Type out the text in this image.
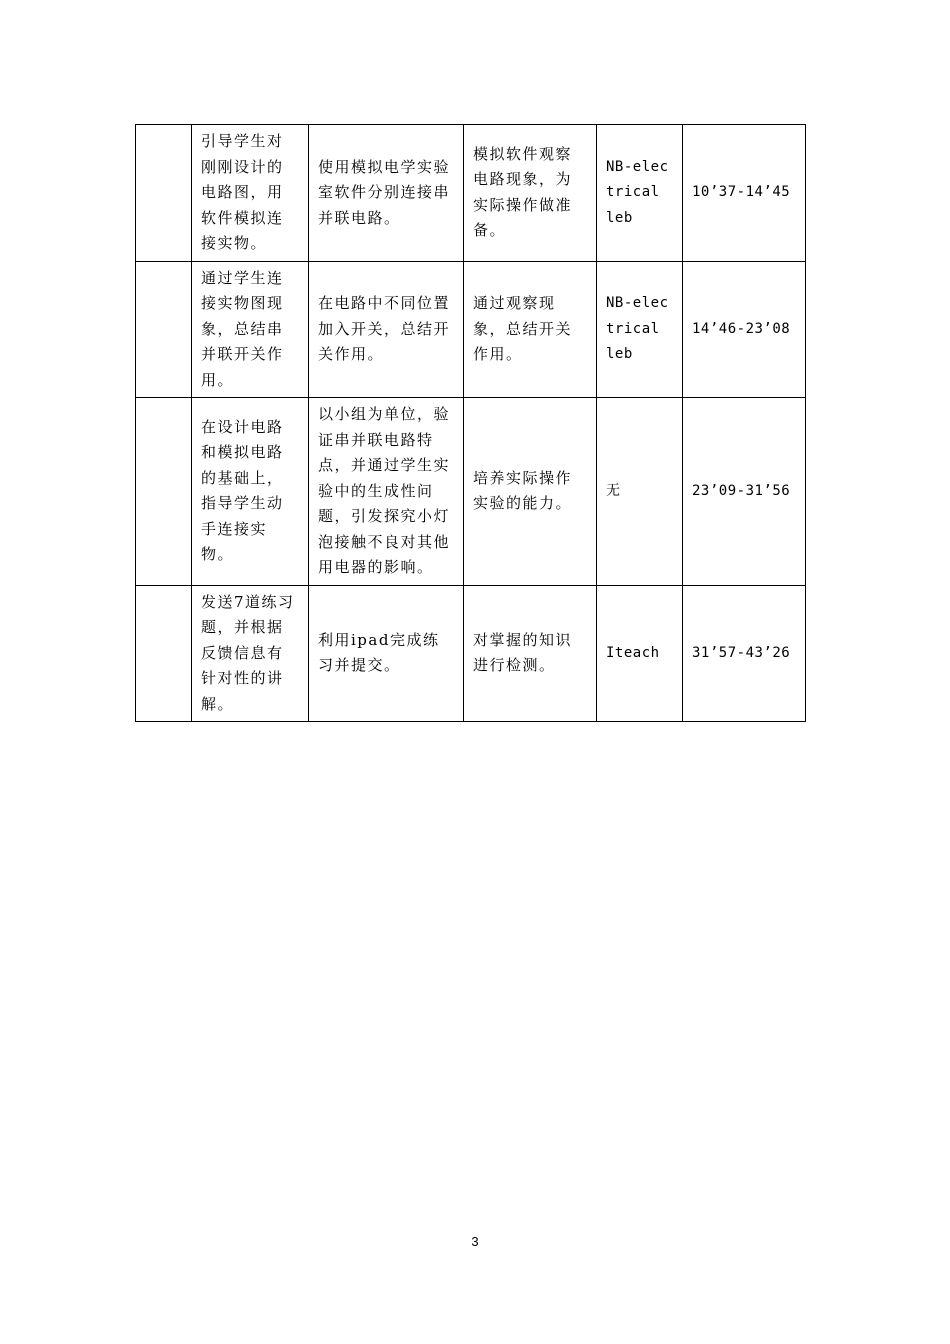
	引导学生对刚刚设计的电路图，用软件模拟连接实物。	使用模拟电学实验室软件分别连接串并联电路。	模拟软件观察电路现象，为实际操作做准备。	NB-electrical leb	10’37-14’45
	通过学生连接实物图现象，总结串并联开关作用。	在电路中不同位置加入开关，总结开关作用。	通过观察现象，总结开关作用。	NB-electrical leb	14’46-23’08
	在设计电路和模拟电路的基础上，指导学生动手连接实物。	以小组为单位，验证串并联电路特点，并通过学生实验中的生成性问题，引发探究小灯泡接触不良对其他用电器的影响。	培养实际操作实验的能力。	无	23’09-31’56
	发送7道练习题，并根据反馈信息有针对性的讲解。	利用ipad完成练习并提交。	对掌握的知识进行检测。	Iteach	31’57-43’26
3
